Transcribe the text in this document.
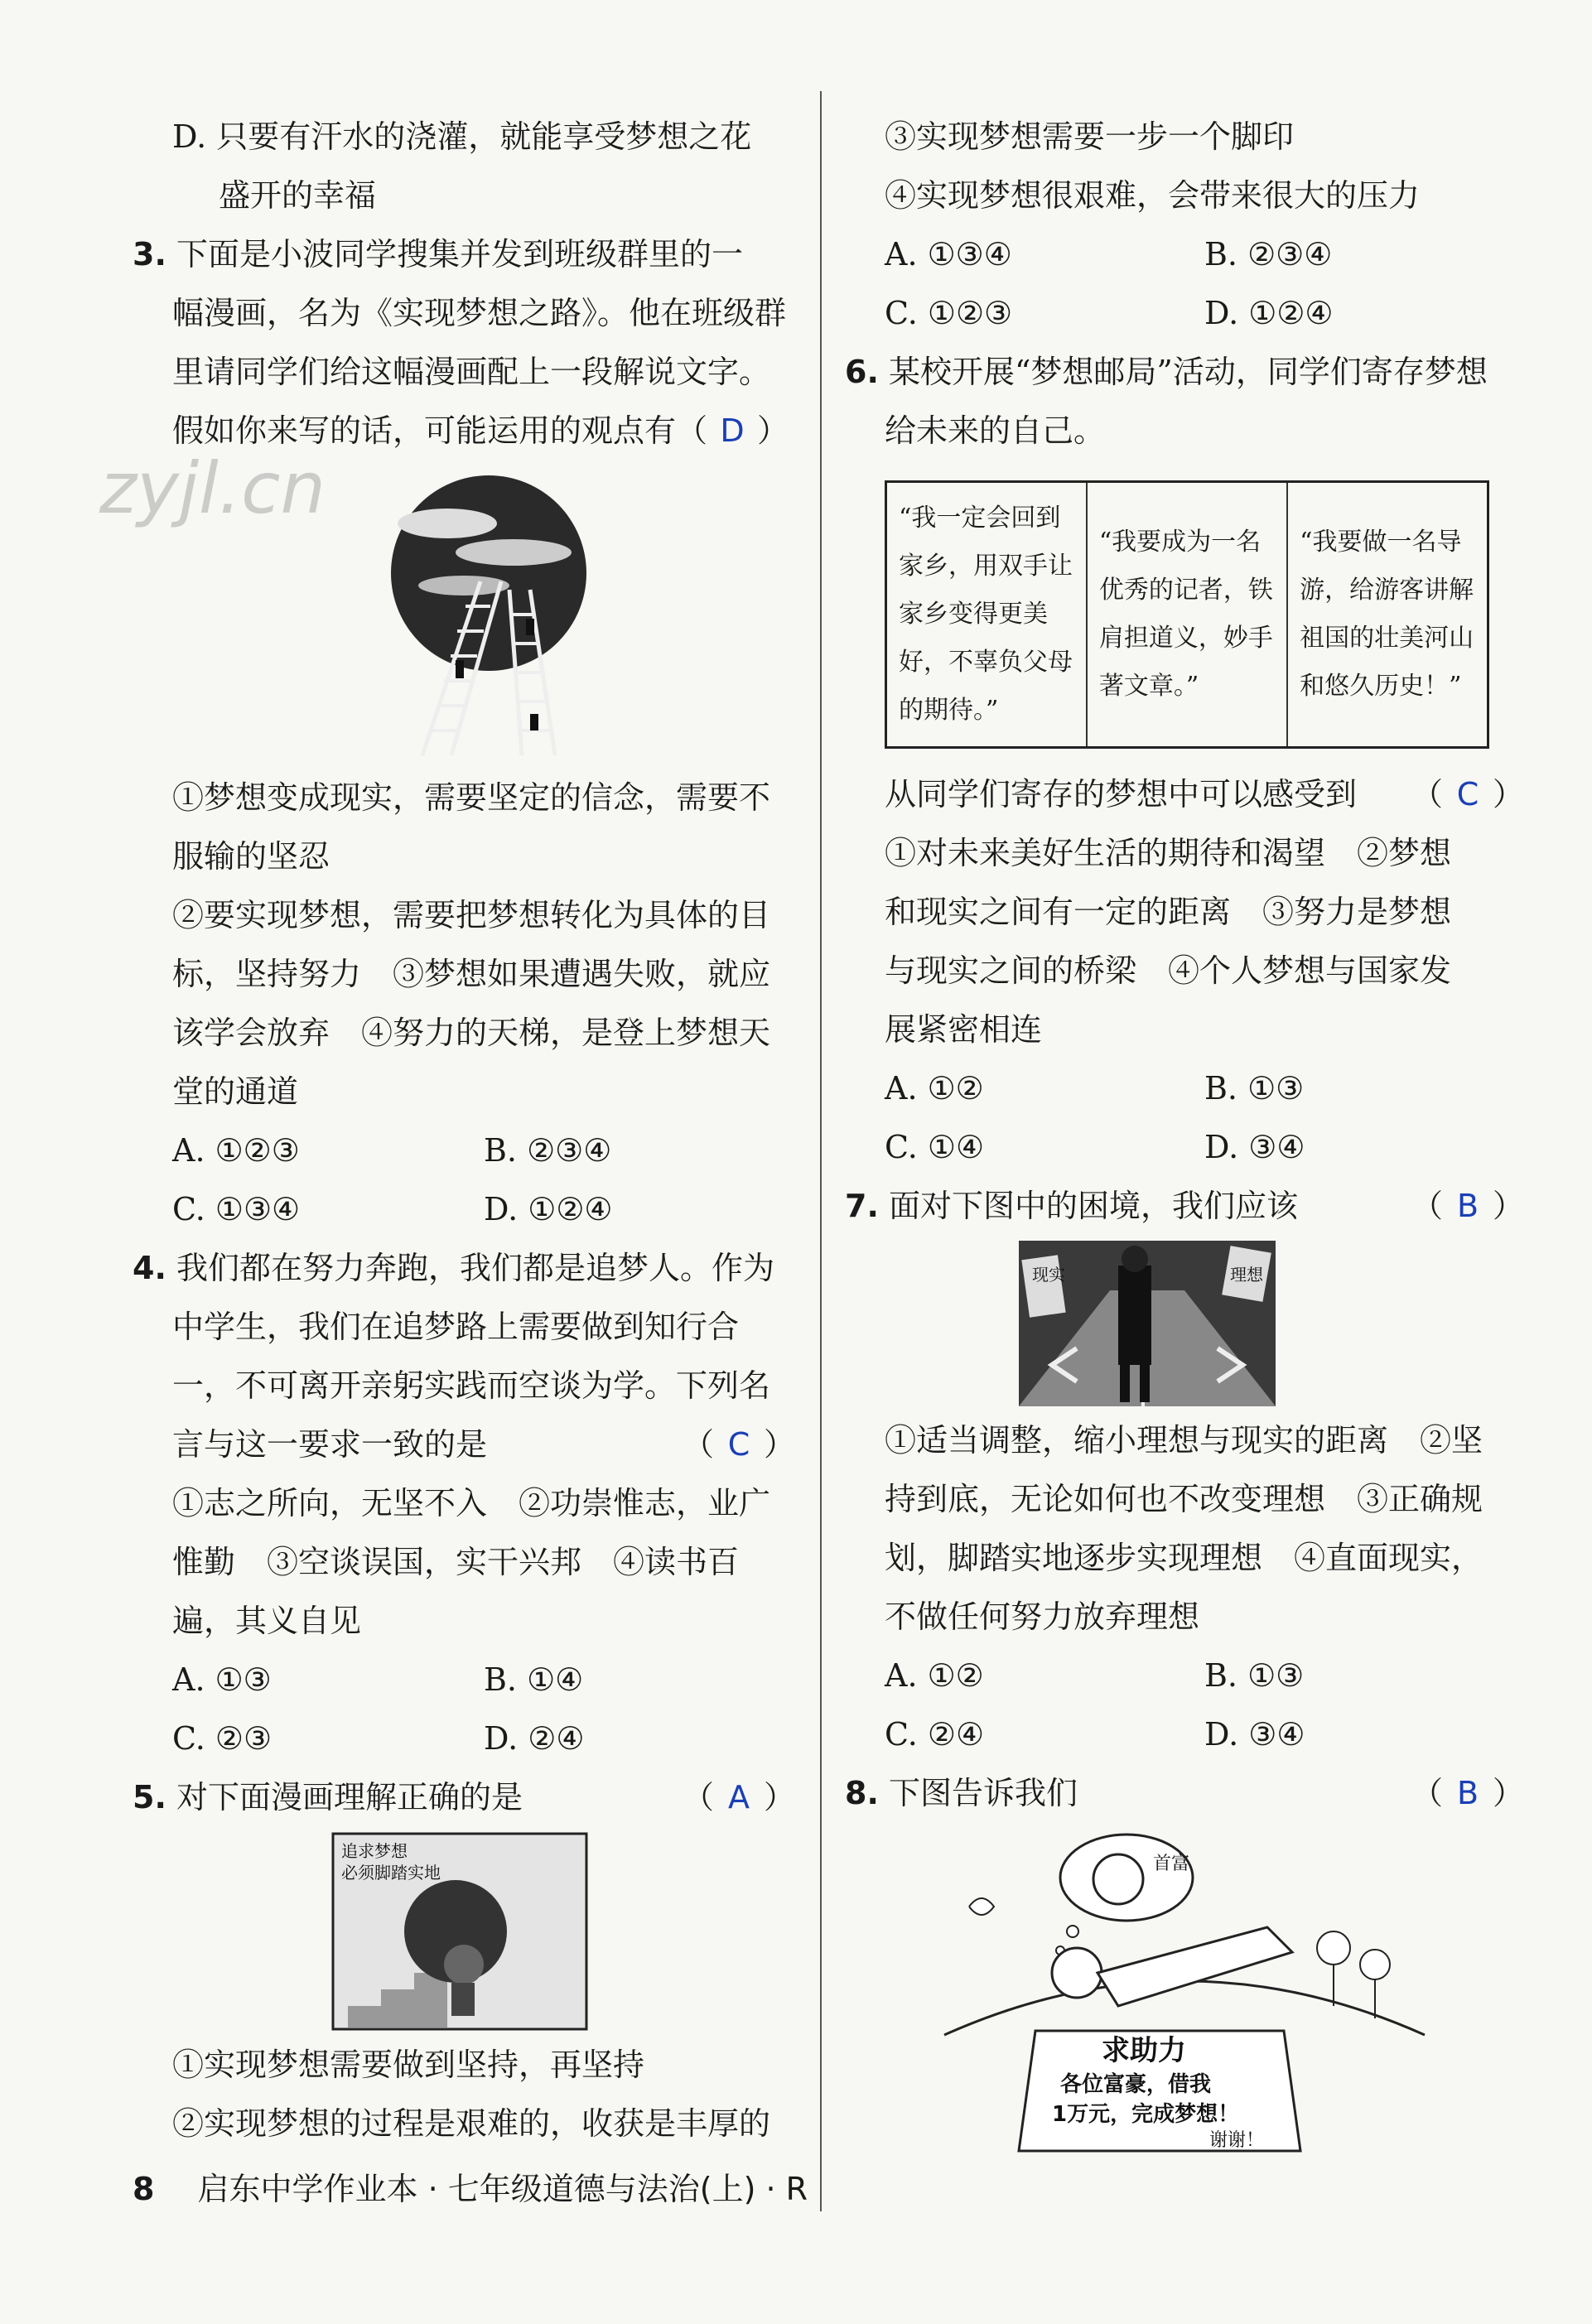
zyjl.cn
D. 只要有汗水的浇灌，就能享受梦想之花
盛开的幸福
3. 下面是小波同学搜集并发到班级群里的一
幅漫画，名为《实现梦想之路》。他在班级群
里请同学们给这幅漫画配上一段解说文字。
假如你来写的话，可能运用的观点有（ D ）
①梦想变成现实，需要坚定的信念，需要不
服输的坚忍
②要实现梦想，需要把梦想转化为具体的目
标，坚持努力　③梦想如果遭遇失败，就应
该学会放弃　④努力的天梯，是登上梦想天
堂的通道
A. ①②③	B. ②③④
C. ①③④	D. ①②④
4. 我们都在努力奔跑，我们都是追梦人。作为
中学生，我们在追梦路上需要做到知行合
一，不可离开亲躬实践而空谈为学。下列名
言与这一要求一致的是	（ C ）
①志之所向，无坚不入　②功崇惟志，业广
惟勤　③空谈误国，实干兴邦　④读书百
遍，其义自见
A. ①③	B. ①④
C. ②③	D. ②④
5. 对下面漫画理解正确的是	（ A ）
追求梦想
必须脚踏实地
①实现梦想需要做到坚持，再坚持
②实现梦想的过程是艰难的，收获是丰厚的
③实现梦想需要一步一个脚印
④实现梦想很艰难，会带来很大的压力
A. ①③④	B. ②③④
C. ①②③	D. ①②④
6. 某校开展“梦想邮局”活动，同学们寄存梦想
给未来的自己。
“我一定会回到家乡，用双手让家乡变得更美好，不辜负父母的期待。”	“我要成为一名优秀的记者，铁肩担道义，妙手著文章。”	“我要做一名导游，给游客讲解祖国的壮美河山和悠久历史！”
从同学们寄存的梦想中可以感受到 （ C ）
①对未来美好生活的期待和渴望　②梦想
和现实之间有一定的距离　③努力是梦想
与现实之间的桥梁　④个人梦想与国家发
展紧密相连
A. ①②	B. ①③
C. ①④	D. ③④
7. 面对下图中的困境，我们应该	（ B ）
现实	理想
①适当调整，缩小理想与现实的距离　②坚
持到底，无论如何也不改变理想　③正确规
划，脚踏实地逐步实现理想　④直面现实，
不做任何努力放弃理想
A. ①②	B. ①③
C. ②④	D. ③④
8. 下图告诉我们	（ B ）
首富
求助力
各位富豪，借我
1万元，完成梦想！
谢谢！
8 启东中学作业本 · 七年级道德与法治(上) · R
